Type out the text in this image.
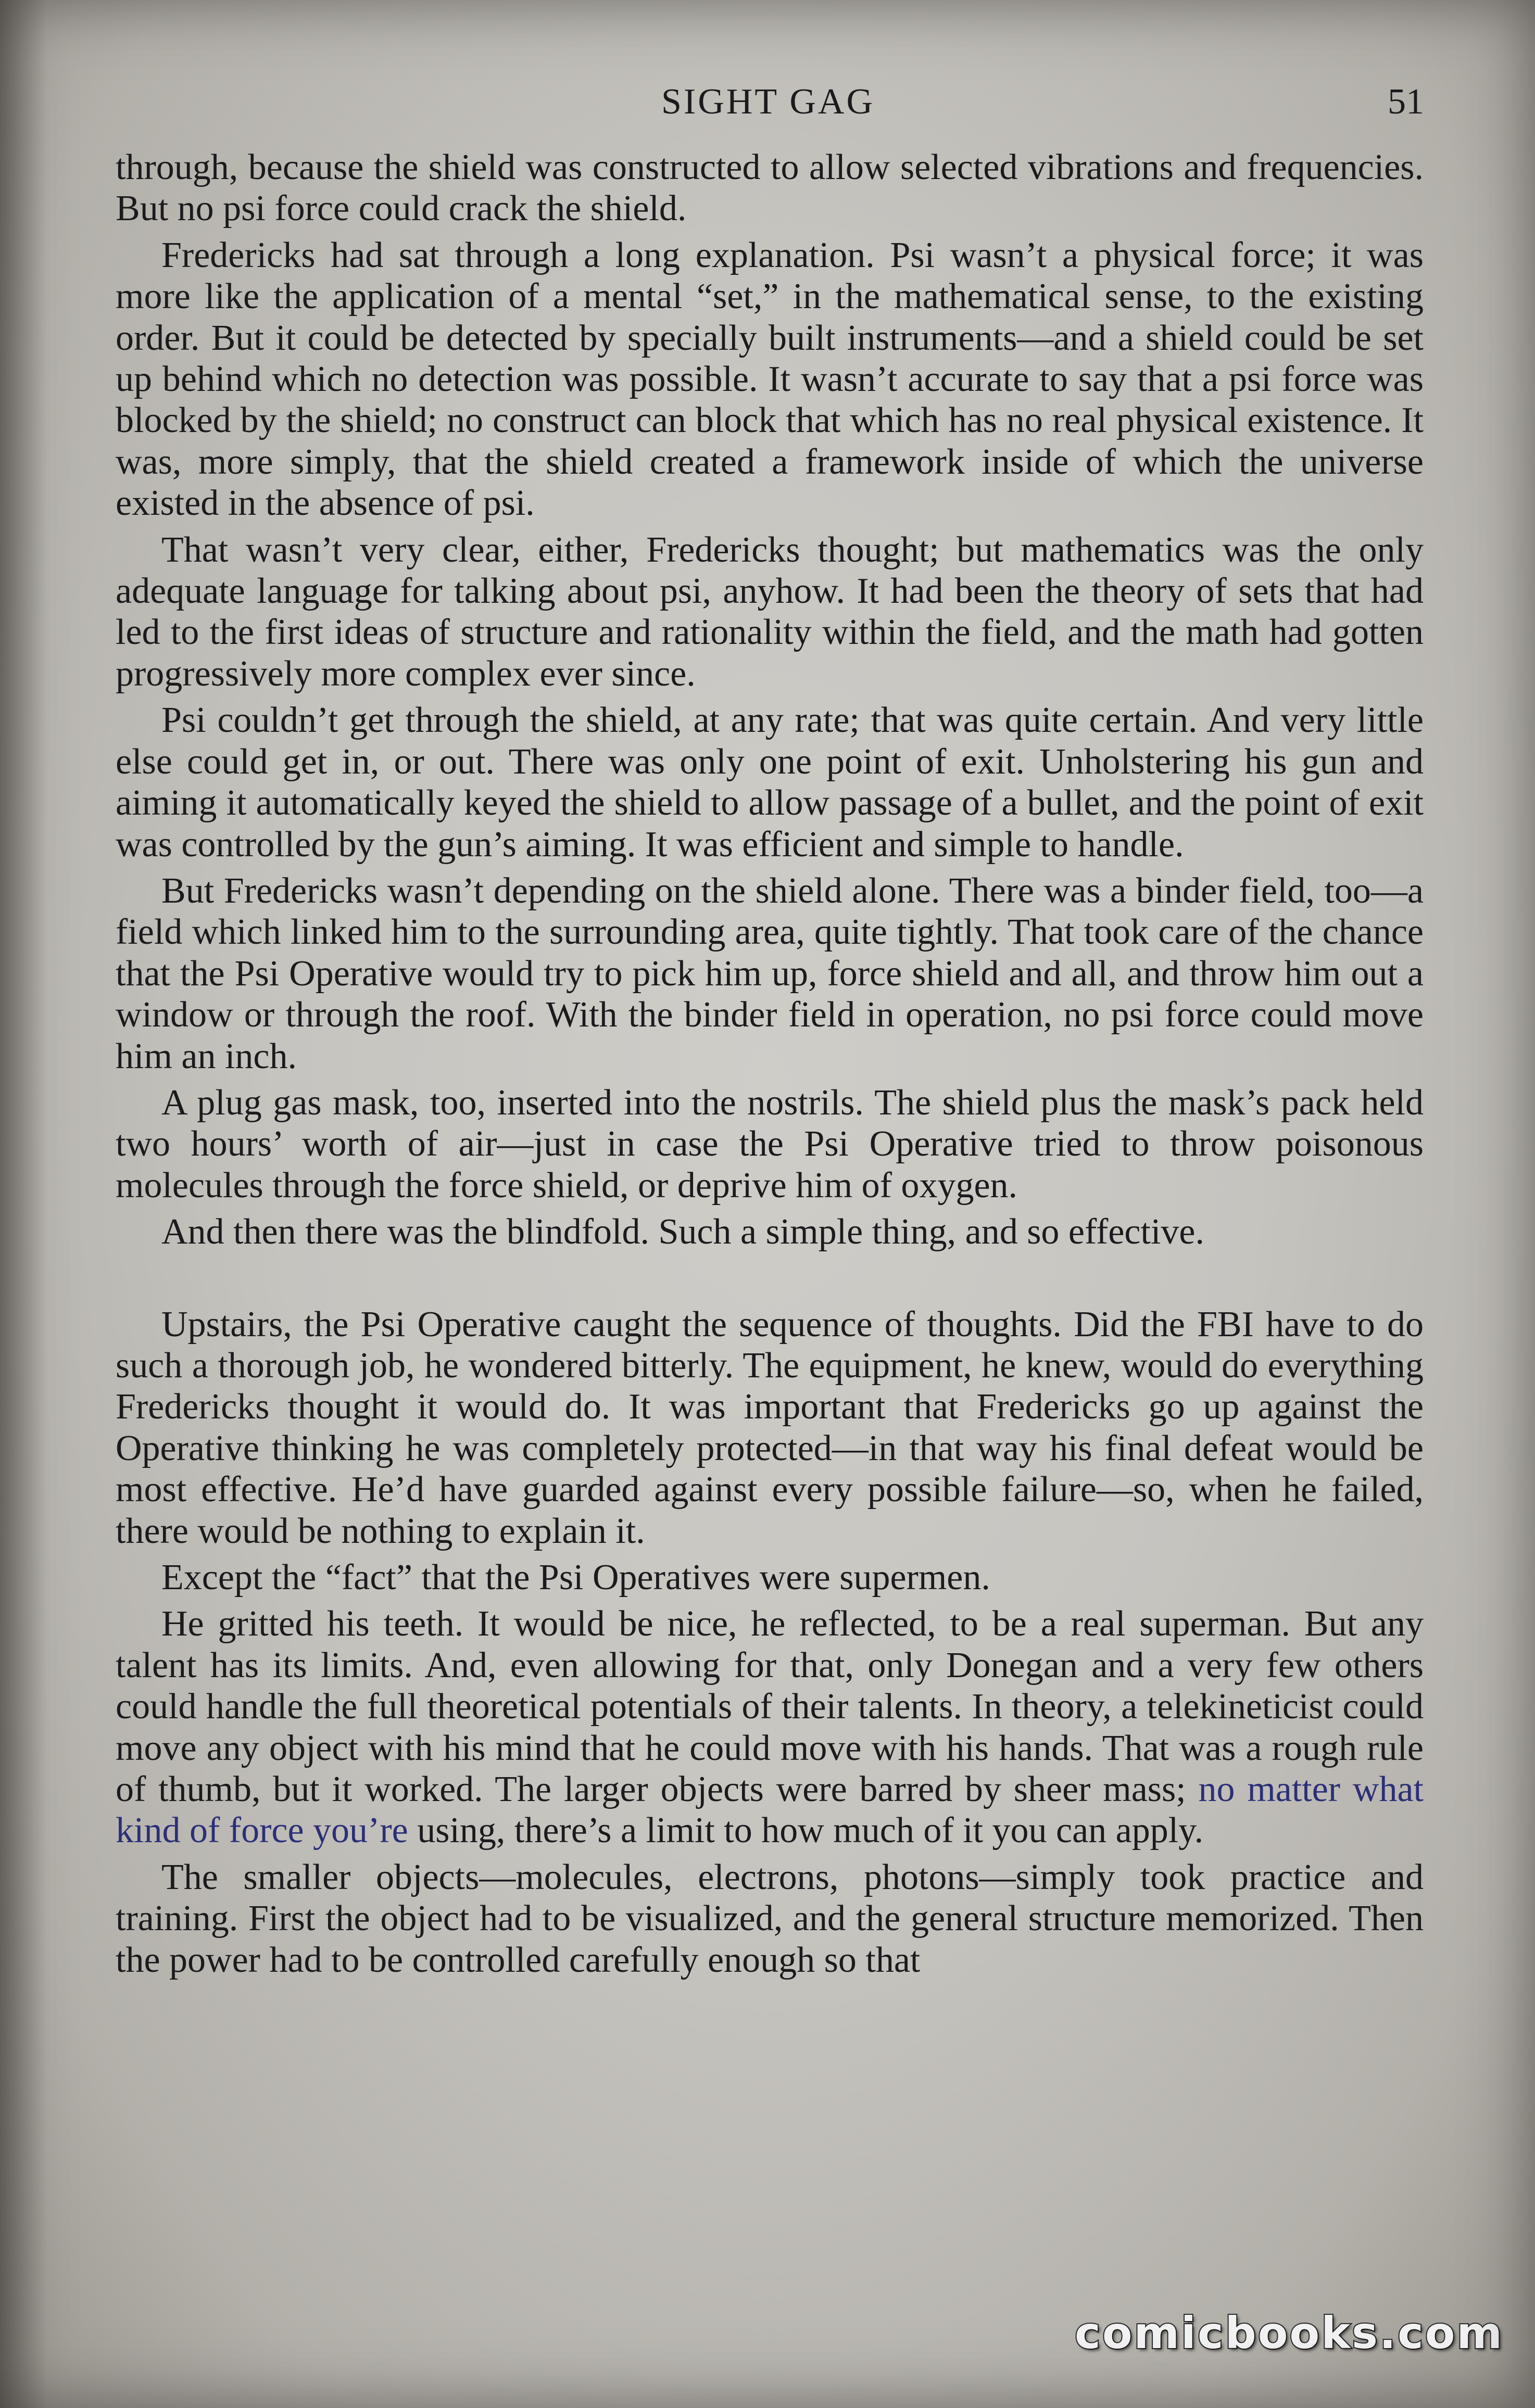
SIGHT GAG	51

through, because the shield was constructed to allow selected vibrations and frequencies. But no psi force could crack the shield.

Fredericks had sat through a long explanation. Psi wasn’t a physical force; it was more like the application of a mental “set,” in the mathematical sense, to the existing order. But it could be detected by specially built instruments—and a shield could be set up behind which no detection was possible. It wasn’t accurate to say that a psi force was blocked by the shield; no construct can block that which has no real physical existence. It was, more simply, that the shield created a framework inside of which the universe existed in the absence of psi.

That wasn’t very clear, either, Fredericks thought; but mathematics was the only adequate language for talking about psi, anyhow. It had been the theory of sets that had led to the first ideas of structure and rationality within the field, and the math had gotten progressively more complex ever since.

Psi couldn’t get through the shield, at any rate; that was quite certain. And very little else could get in, or out. There was only one point of exit. Unholstering his gun and aiming it automatically keyed the shield to allow passage of a bullet, and the point of exit was controlled by the gun’s aiming. It was efficient and simple to handle.

But Fredericks wasn’t depending on the shield alone. There was a binder field, too—a field which linked him to the surrounding area, quite tightly. That took care of the chance that the Psi Operative would try to pick him up, force shield and all, and throw him out a window or through the roof. With the binder field in operation, no psi force could move him an inch.

A plug gas mask, too, inserted into the nostrils. The shield plus the mask’s pack held two hours’ worth of air—just in case the Psi Operative tried to throw poisonous molecules through the force shield, or deprive him of oxygen.

And then there was the blindfold. Such a simple thing, and so effective.

Upstairs, the Psi Operative caught the sequence of thoughts. Did the FBI have to do such a thorough job, he wondered bitterly. The equipment, he knew, would do everything Fredericks thought it would do. It was important that Fredericks go up against the Operative thinking he was completely protected—in that way his final defeat would be most effective. He’d have guarded against every possible failure—so, when he failed, there would be nothing to explain it.

Except the “fact” that the Psi Operatives were supermen.

He gritted his teeth. It would be nice, he reflected, to be a real superman. But any talent has its limits. And, even allowing for that, only Donegan and a very few others could handle the full theoretical potentials of their talents. In theory, a telekineticist could move any object with his mind that he could move with his hands. That was a rough rule of thumb, but it worked. The larger objects were barred by sheer mass; no matter what kind of force you’re using, there’s a limit to how much of it you can apply.

The smaller objects—molecules, electrons, photons—simply took practice and training. First the object had to be visualized, and the general structure memorized. Then the power had to be controlled carefully enough so that

comicbooks.com
